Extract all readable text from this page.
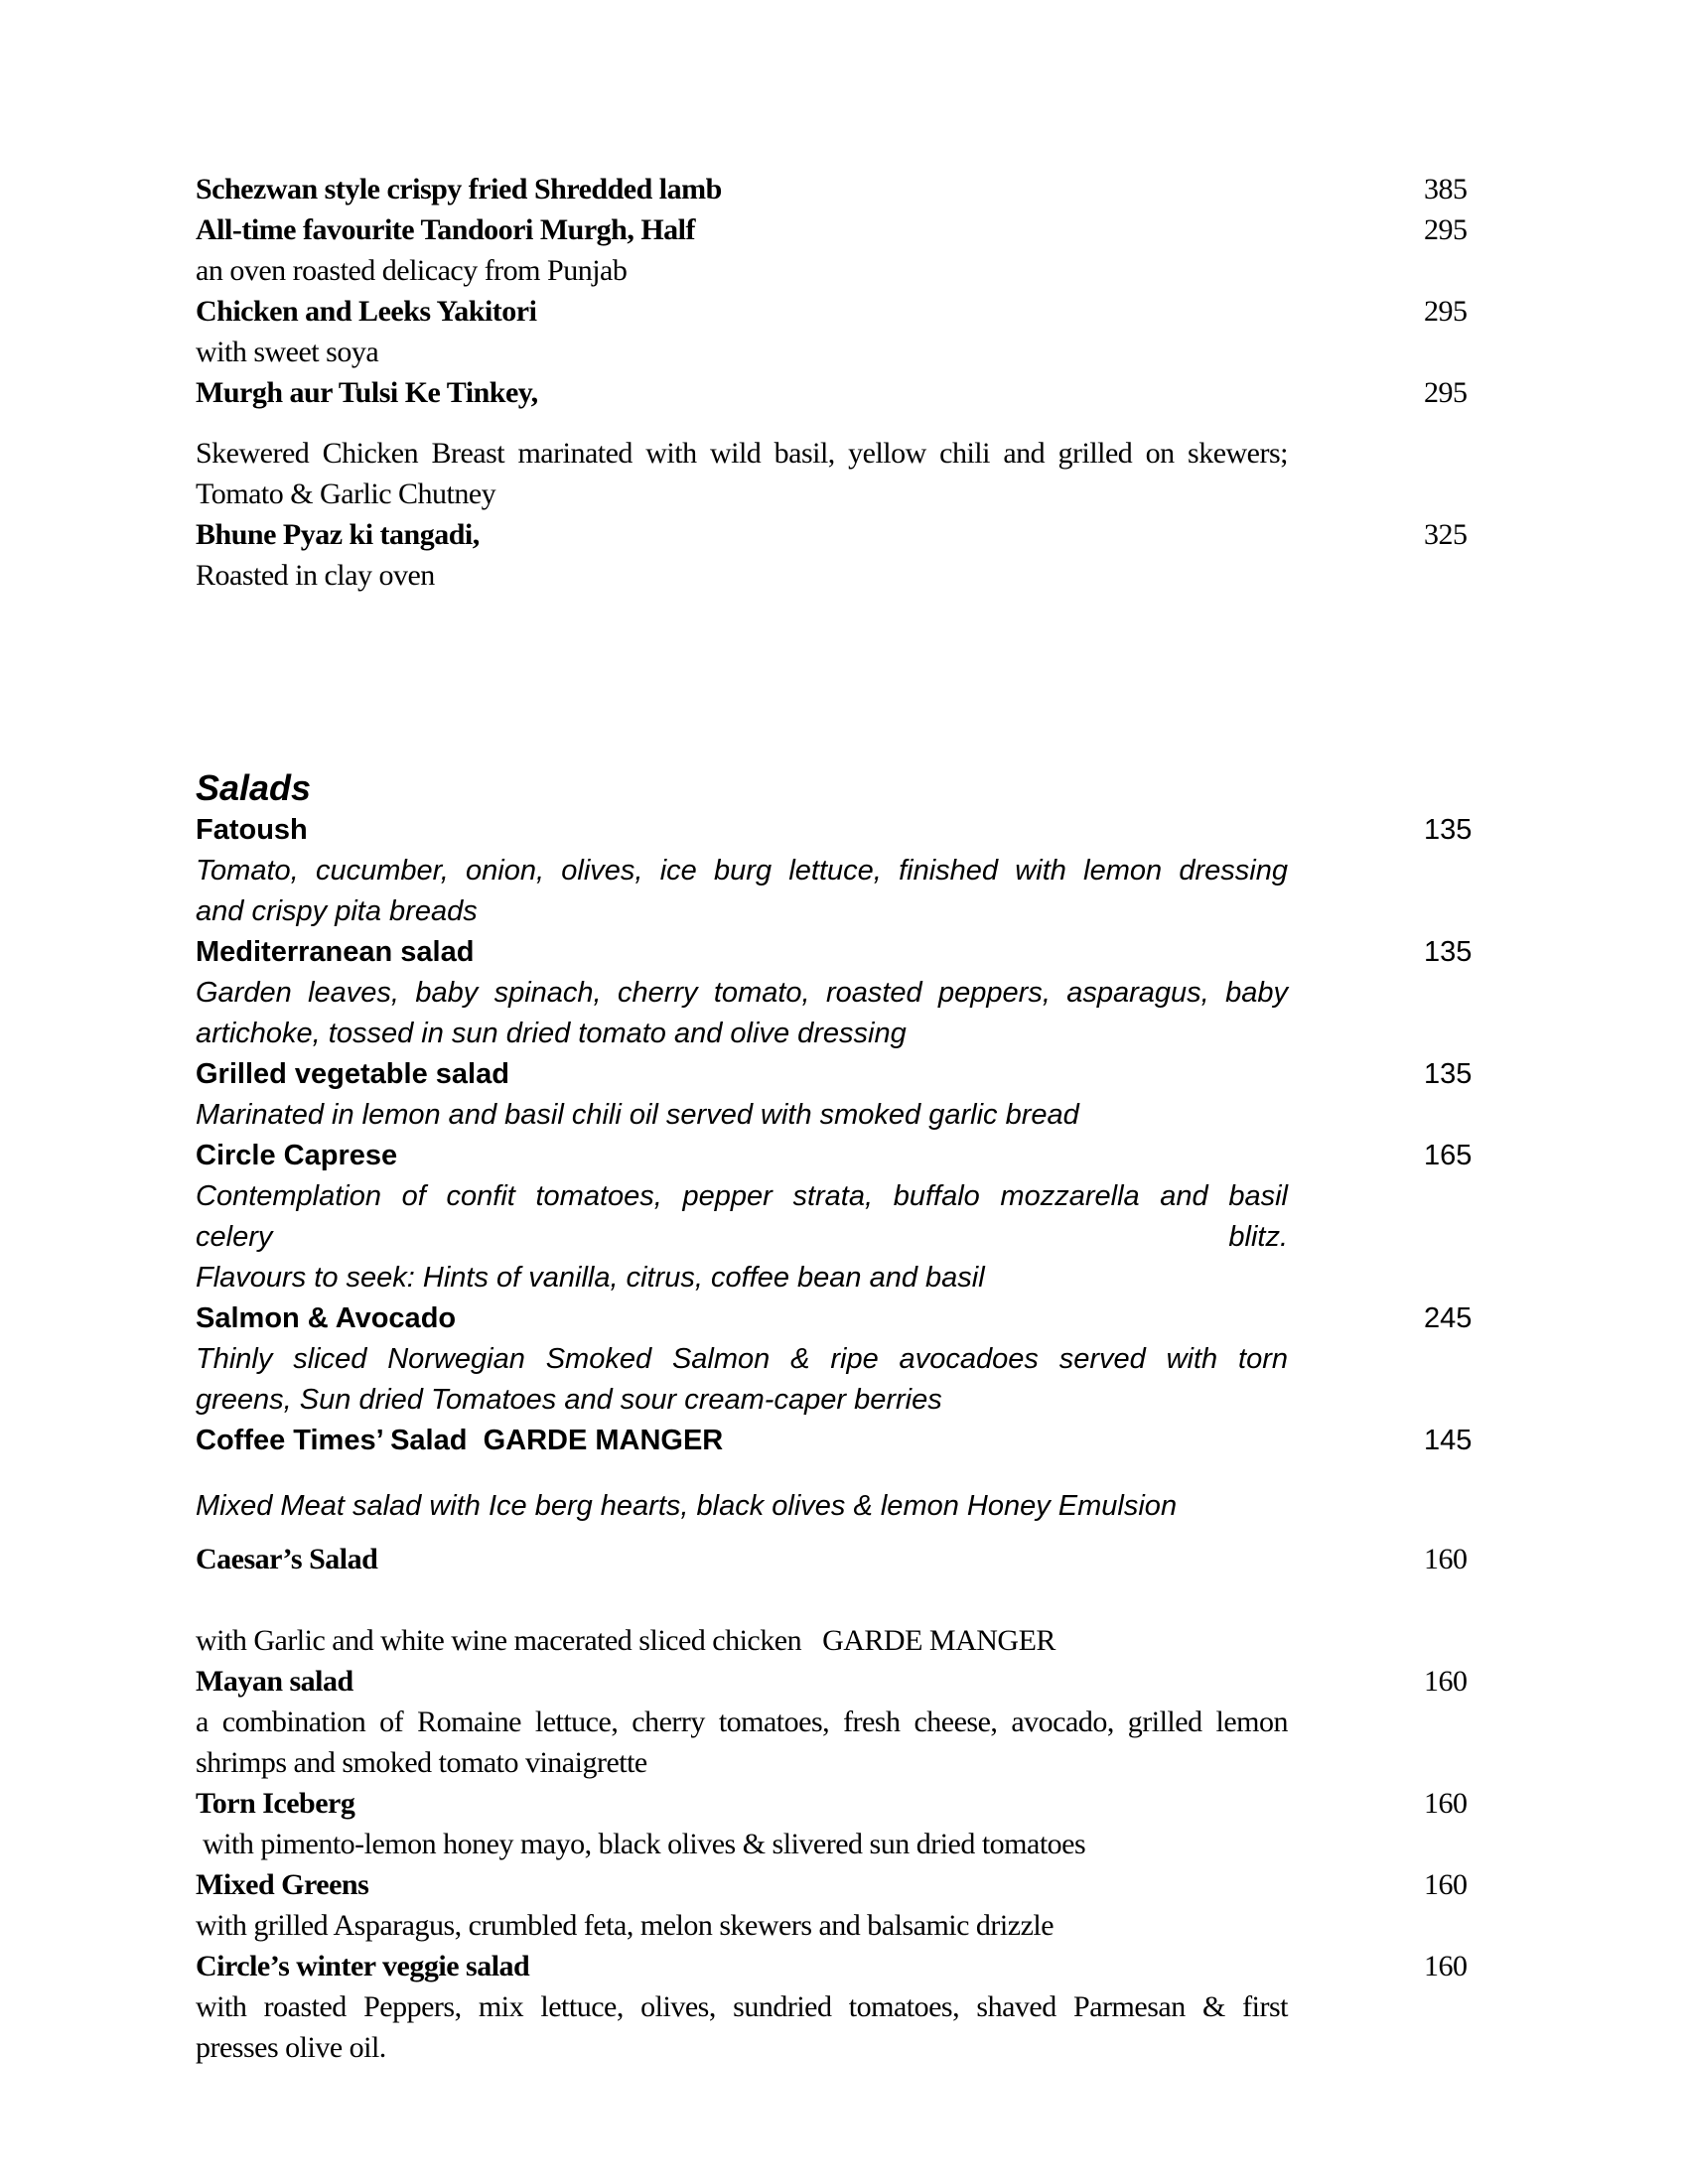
Schezwan style crispy fried Shredded lamb	385
All-time favourite Tandoori Murgh, Half	295
an oven roasted delicacy from Punjab
Chicken and Leeks Yakitori	295
with sweet soya
Murgh aur Tulsi Ke Tinkey,	295
Skewered Chicken Breast marinated with wild basil, yellow chili and grilled on skewers;
Tomato & Garlic Chutney
Bhune Pyaz ki tangadi,	325
Roasted in clay oven
Salads
Fatoush	135
Tomato, cucumber, onion, olives, ice burg lettuce, finished with lemon dressing
and crispy pita breads
Mediterranean salad	135
Garden leaves, baby spinach, cherry tomato, roasted peppers, asparagus, baby
artichoke, tossed in sun dried tomato and olive dressing
Grilled vegetable salad	135
Marinated in lemon and basil chili oil served with smoked garlic bread
Circle Caprese	165
Contemplation of confit tomatoes, pepper strata, buffalo mozzarella and basil
celery blitz.
Flavours to seek: Hints of vanilla, citrus, coffee bean and basil
Salmon & Avocado	245
Thinly sliced Norwegian Smoked Salmon & ripe avocadoes served with torn
greens, Sun dried Tomatoes and sour cream-caper berries
Coffee Times’ Salad  GARDE MANGER	145
Mixed Meat salad with Ice berg hearts, black olives & lemon Honey Emulsion
Caesar’s Salad	160
with Garlic and white wine macerated sliced chicken   GARDE MANGER
Mayan salad	160
a combination of Romaine lettuce, cherry tomatoes, fresh cheese, avocado, grilled lemon
shrimps and smoked tomato vinaigrette
Torn Iceberg	160
with pimento-lemon honey mayo, black olives & slivered sun dried tomatoes
Mixed Greens	160
with grilled Asparagus, crumbled feta, melon skewers and balsamic drizzle
Circle’s winter veggie salad	160
with roasted Peppers, mix lettuce, olives, sundried tomatoes, shaved Parmesan & first
presses olive oil.
